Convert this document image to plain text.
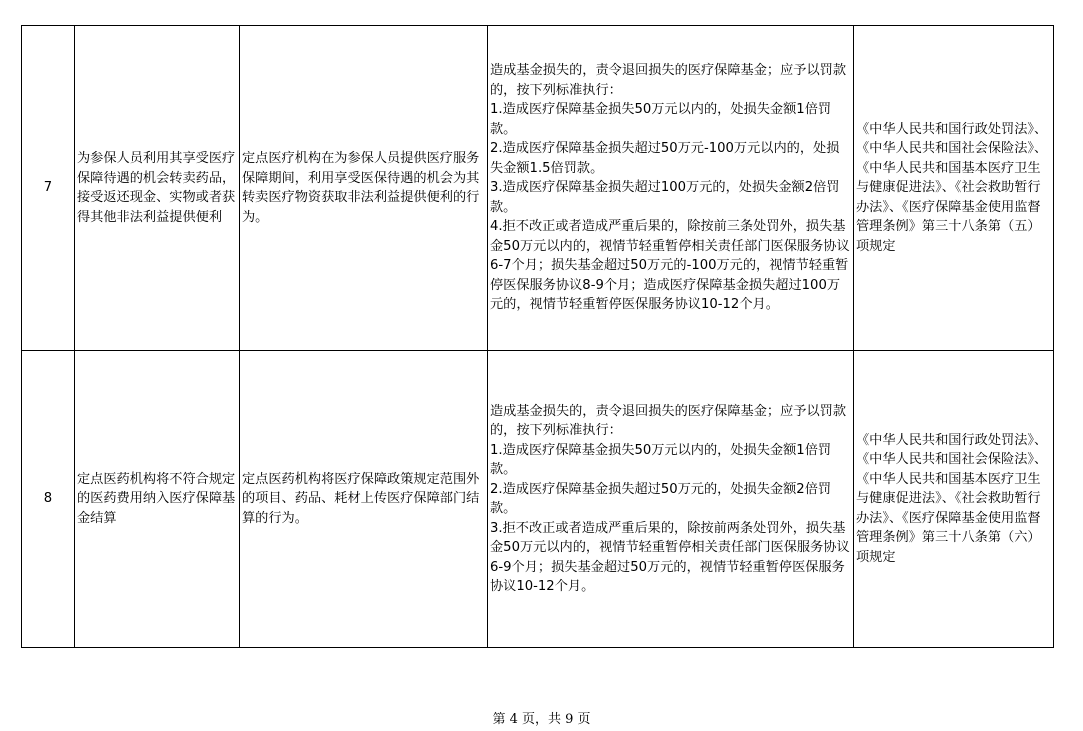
7	为参保人员利用其享受医疗保障待遇的机会转卖药品，接受返还现金、实物或者获得其他非法利益提供便利	定点医疗机构在为参保人员提供医疗服务保障期间，利用享受医保待遇的机会为其转卖医疗物资获取非法利益提供便利的行为。	造成基金损失的，责令退回损失的医疗保障基金；应予以罚款的，按下列标准执行：
1.造成医疗保障基金损失50万元以内的，处损失金额1倍罚款。
2.造成医疗保障基金损失超过50万元-100万元以内的，处损失金额1.5倍罚款。
3.造成医疗保障基金损失超过100万元的，处损失金额2倍罚款。
4.拒不改正或者造成严重后果的，除按前三条处罚外，损失基金50万元以内的，视情节轻重暂停相关责任部门医保服务协议6-7个月；损失基金超过50万元的-100万元的，视情节轻重暂停医保服务协议8-9个月；造成医疗保障基金损失超过100万元的，视情节轻重暂停医保服务协议10-12个月。	《中华人民共和国行政处罚法》、《中华人民共和国社会保险法》、《中华人民共和国基本医疗卫生与健康促进法》、《社会救助暂行办法》、《医疗保障基金使用监督管理条例》第三十八条第（五）项规定
8	定点医药机构将不符合规定的医药费用纳入医疗保障基金结算	定点医药机构将医疗保障政策规定范围外的项目、药品、耗材上传医疗保障部门结算的行为。	造成基金损失的，责令退回损失的医疗保障基金；应予以罚款的，按下列标准执行：
1.造成医疗保障基金损失50万元以内的，处损失金额1倍罚款。
2.造成医疗保障基金损失超过50万元的，处损失金额2倍罚款。
3.拒不改正或者造成严重后果的，除按前两条处罚外，损失基金50万元以内的，视情节轻重暂停相关责任部门医保服务协议6-9个月；损失基金超过50万元的，视情节轻重暂停医保服务协议10-12个月。	《中华人民共和国行政处罚法》、《中华人民共和国社会保险法》、《中华人民共和国基本医疗卫生与健康促进法》、《社会救助暂行办法》、《医疗保障基金使用监督管理条例》第三十八条第（六）项规定
第 4 页，共 9 页
